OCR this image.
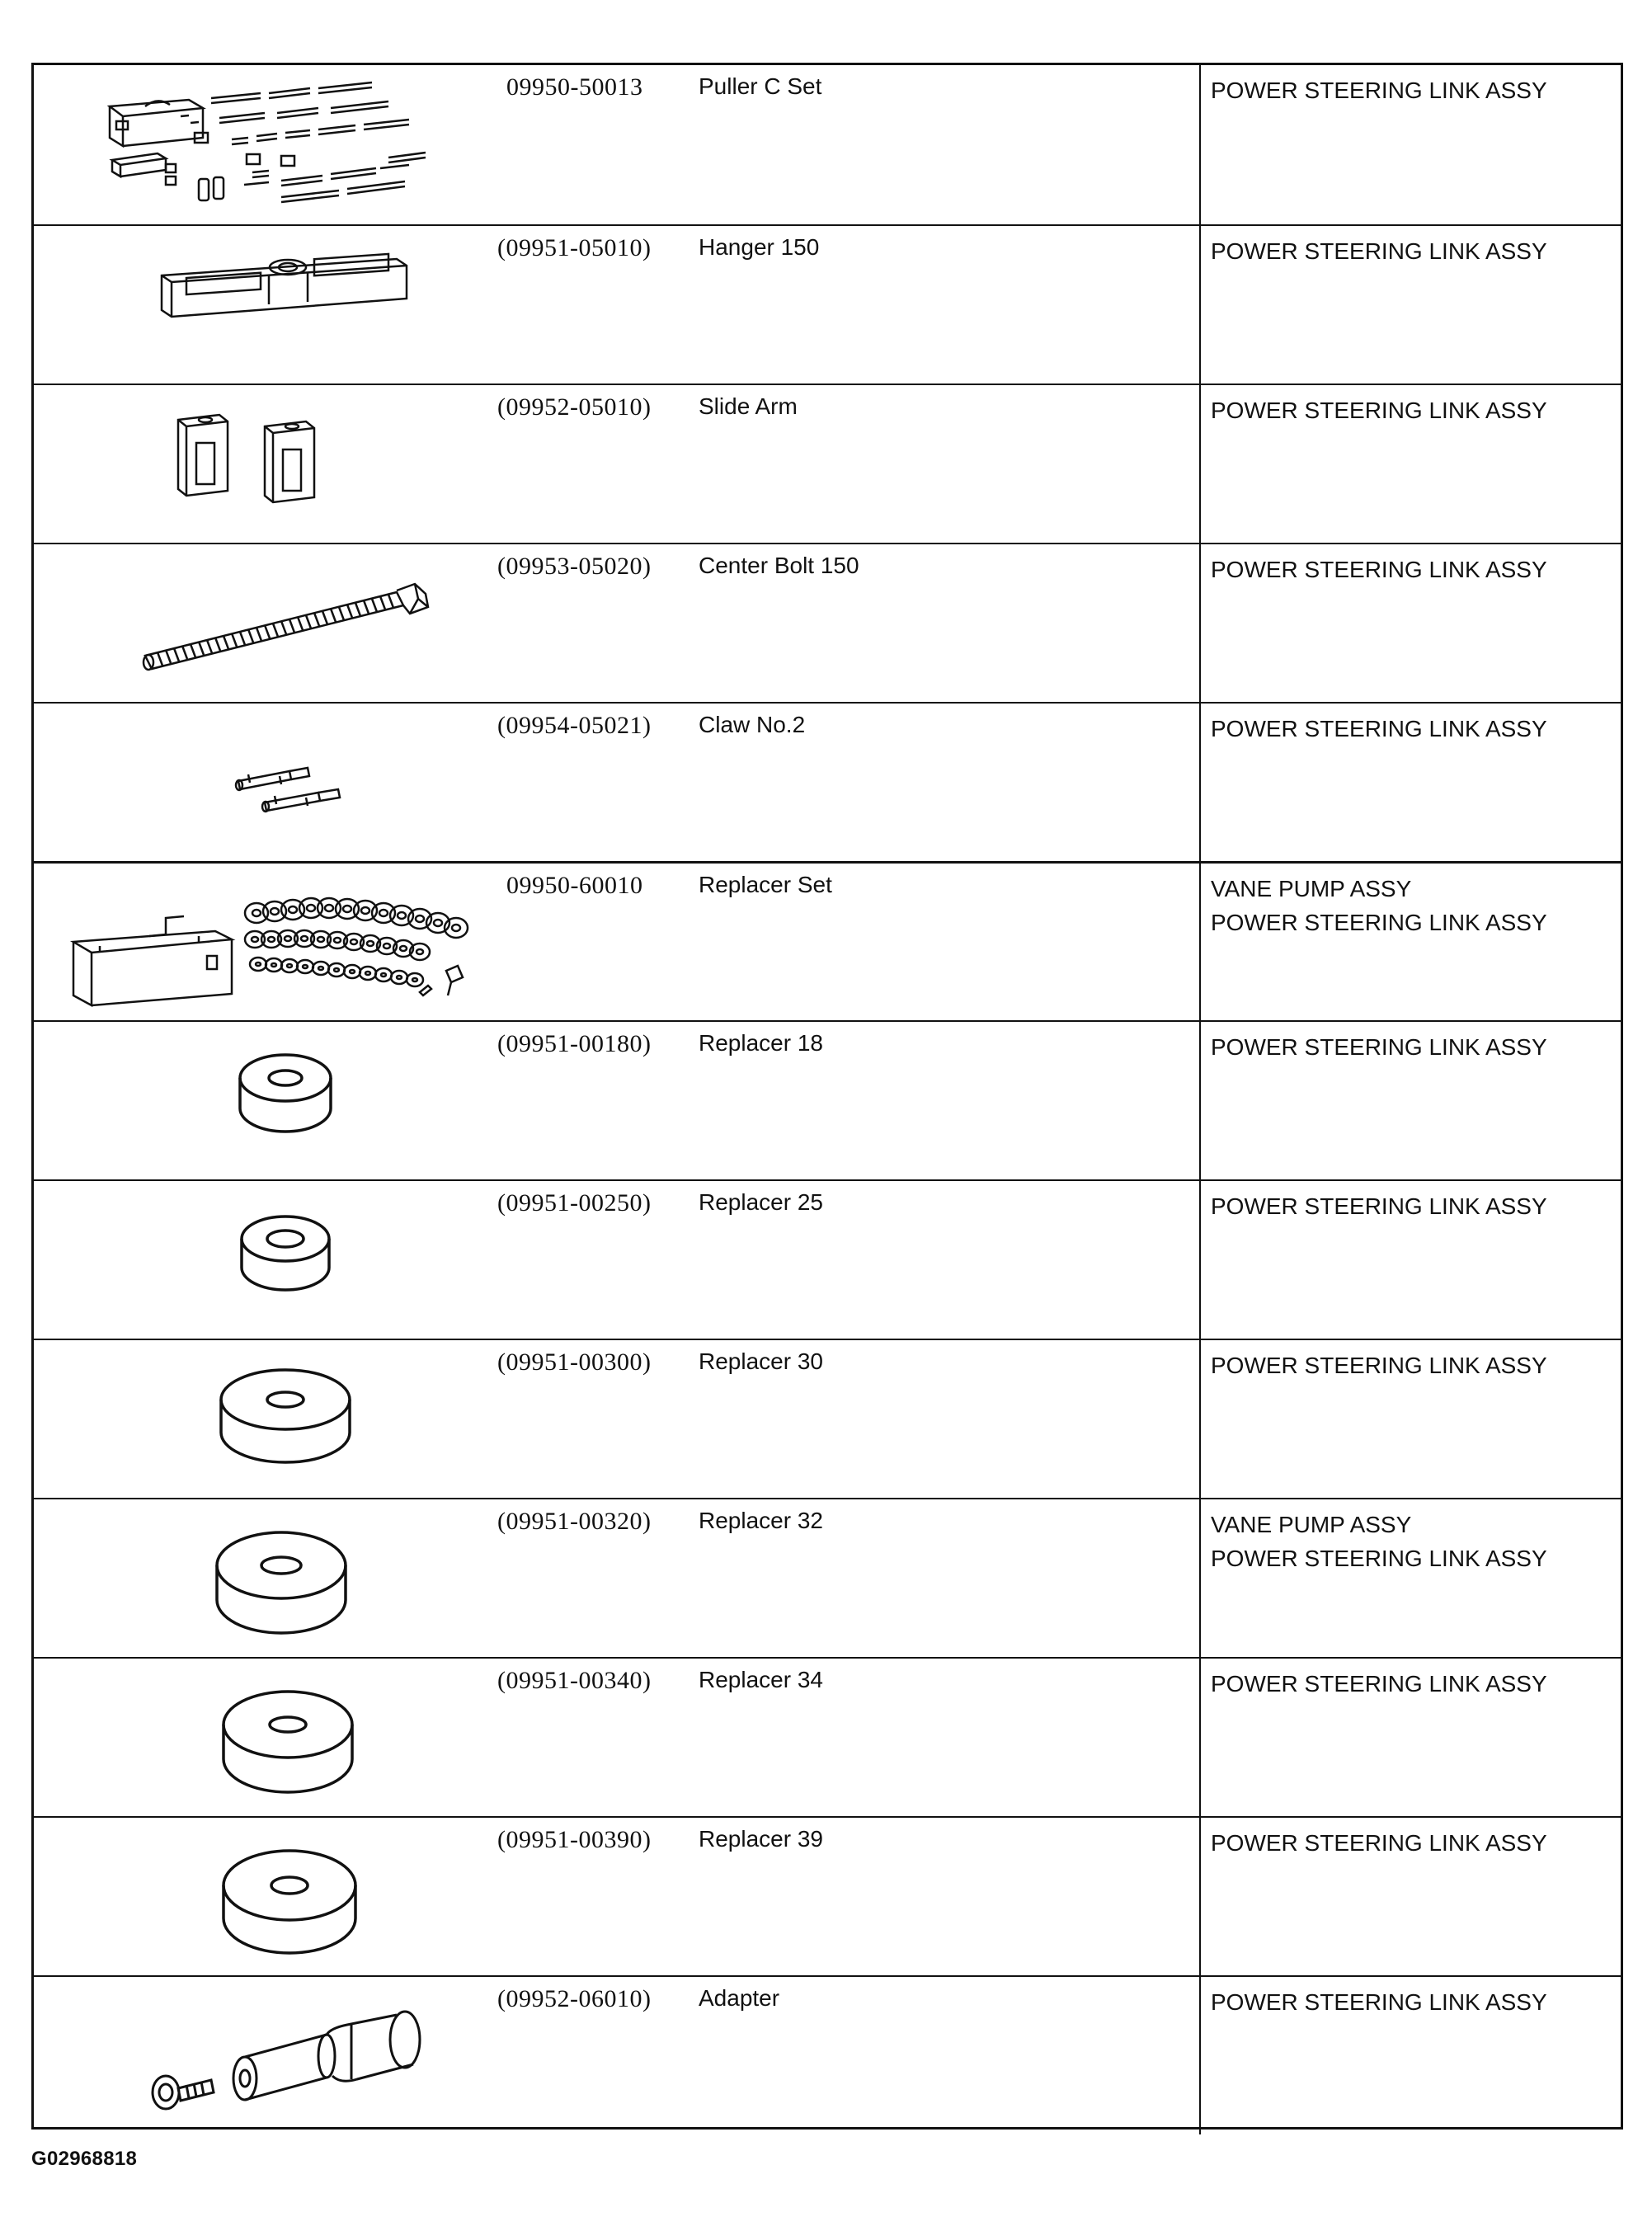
09950-50013 Puller C Set	POWER STEERING LINK ASSY
(09951-05010) Hanger 150	POWER STEERING LINK ASSY
(09952-05010) Slide Arm	POWER STEERING LINK ASSY
(09953-05020) Center Bolt 150	POWER STEERING LINK ASSY
(09954-05021) Claw No.2	POWER STEERING LINK ASSY
09950-60010 Replacer Set	VANE PUMP ASSY
POWER STEERING LINK ASSY
(09951-00180) Replacer 18	POWER STEERING LINK ASSY
(09951-00250) Replacer 25	POWER STEERING LINK ASSY
(09951-00300) Replacer 30	POWER STEERING LINK ASSY
(09951-00320) Replacer 32	VANE PUMP ASSY
POWER STEERING LINK ASSY
(09951-00340) Replacer 34	POWER STEERING LINK ASSY
(09951-00390) Replacer 39	POWER STEERING LINK ASSY
(09952-06010) Adapter	POWER STEERING LINK ASSY
G02968818
